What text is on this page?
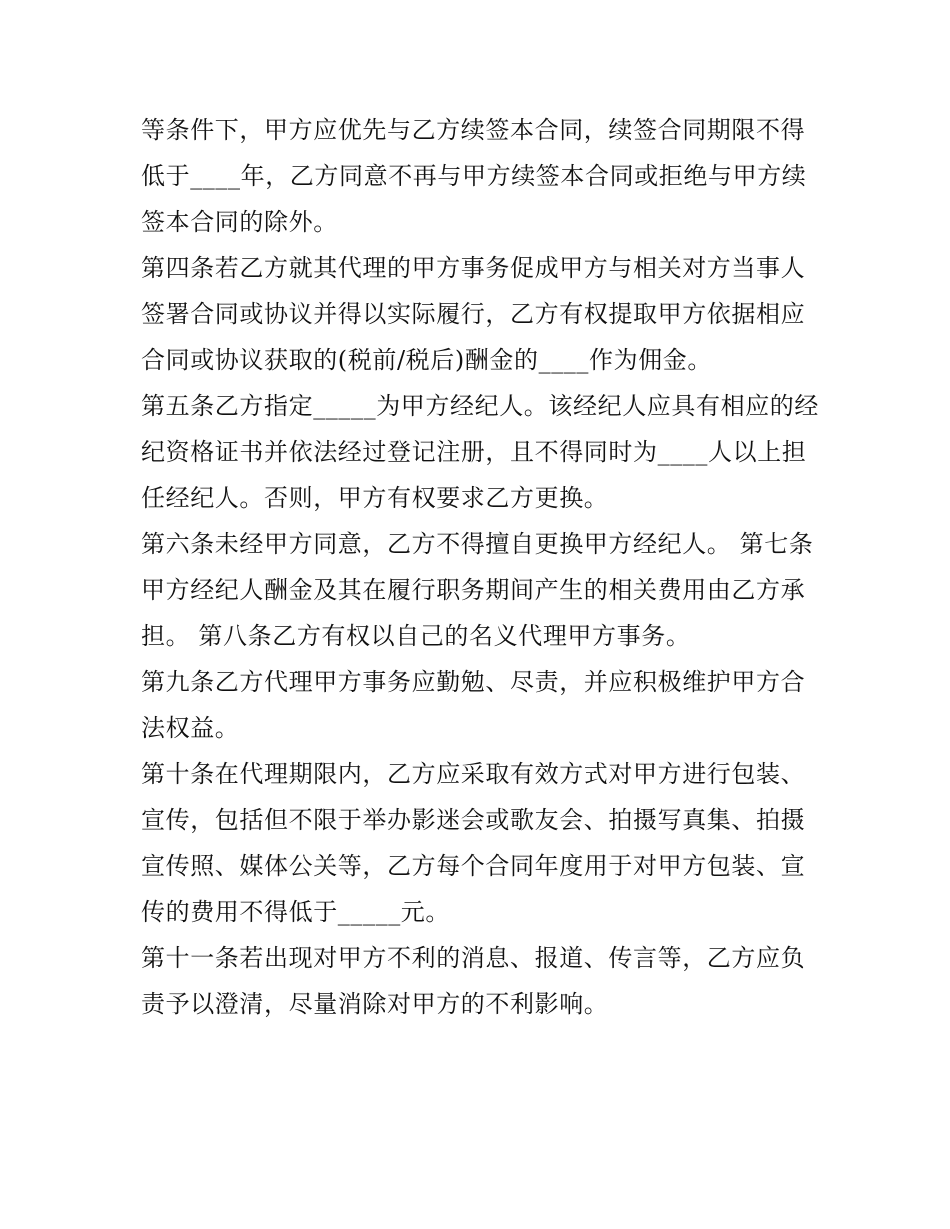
等条件下，甲方应优先与乙方续签本合同，续签合同期限不得低于____年，乙方同意不再与甲方续签本合同或拒绝与甲方续签本合同的除外。

第四条若乙方就其代理的甲方事务促成甲方与相关对方当事人签署合同或协议并得以实际履行，乙方有权提取甲方依据相应合同或协议获取的(税前/税后)酬金的____作为佣金。

第五条乙方指定_____为甲方经纪人。该经纪人应具有相应的经纪资格证书并依法经过登记注册，且不得同时为____人以上担任经纪人。否则，甲方有权要求乙方更换。

第六条未经甲方同意，乙方不得擅自更换甲方经纪人。 第七条甲方经纪人酬金及其在履行职务期间产生的相关费用由乙方承担。 第八条乙方有权以自己的名义代理甲方事务。

第九条乙方代理甲方事务应勤勉、尽责，并应积极维护甲方合法权益。

第十条在代理期限内，乙方应采取有效方式对甲方进行包装、宣传，包括但不限于举办影迷会或歌友会、拍摄写真集、拍摄宣传照、媒体公关等，乙方每个合同年度用于对甲方包装、宣传的费用不得低于_____元。

第十一条若出现对甲方不利的消息、报道、传言等，乙方应负责予以澄清，尽量消除对甲方的不利影响。
